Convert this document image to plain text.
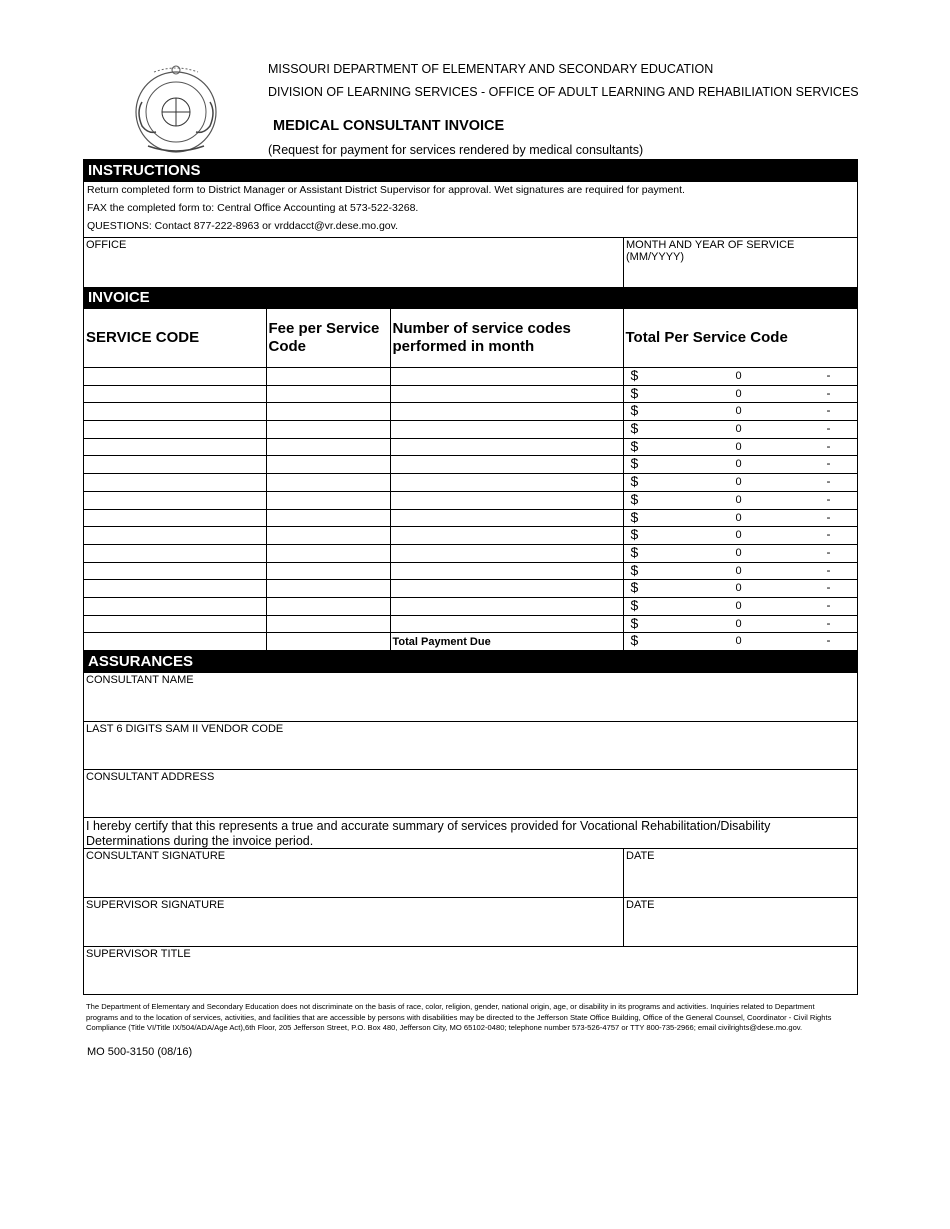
MISSOURI DEPARTMENT OF ELEMENTARY AND SECONDARY EDUCATION
DIVISION OF LEARNING SERVICES - OFFICE OF ADULT LEARNING AND REHABILIATION SERVICES
MEDICAL CONSULTANT INVOICE
(Request for payment for services rendered by medical consultants)
INSTRUCTIONS
Return completed form to District Manager or Assistant District Supervisor for approval. Wet signatures are required for payment.
FAX the completed form to: Central Office Accounting at 573-522-3268.
QUESTIONS: Contact 877-222-8963 or vrddacct@vr.dese.mo.gov.
OFFICE	MONTH AND YEAR OF SERVICE (MM/YYYY)
INVOICE
SERVICE CODE	Fee per Service Code	Number of service codes performed in month	Total Per Service Code

			$ 0 -

			$ 0 -

			$ 0 -

			$ 0 -

			$ 0 -

			$ 0 -

			$ 0 -

			$ 0 -

			$ 0 -

			$ 0 -

			$ 0 -

			$ 0 -

			$ 0 -

			$ 0 -

			$ 0 -

		Total Payment Due	$ 0 -
ASSURANCES
CONSULTANT NAME
LAST 6 DIGITS SAM II VENDOR CODE
CONSULTANT ADDRESS
I hereby certify that this represents a true and accurate summary of services provided for Vocational Rehabilitation/Disability Determinations during the invoice period.
CONSULTANT SIGNATURE	DATE
SUPERVISOR SIGNATURE	DATE
SUPERVISOR TITLE
The Department of Elementary and Secondary Education does not discriminate on the basis of race, color, religion, gender, national origin, age, or disability in its programs and activities. Inquiries related to Department programs and to the location of services, activities, and facilities that are accessible by persons with disabilities may be directed to the Jefferson State Office Building, Office of the General Counsel, Coordinator - Civil Rights Compliance (Title VI/Title IX/504/ADA/Age Act),6th Floor, 205 Jefferson Street, P.O. Box 480, Jefferson City, MO 65102-0480; telephone number 573-526-4757 or TTY 800-735-2966; email civilrights@dese.mo.gov.
MO 500-3150 (08/16)
